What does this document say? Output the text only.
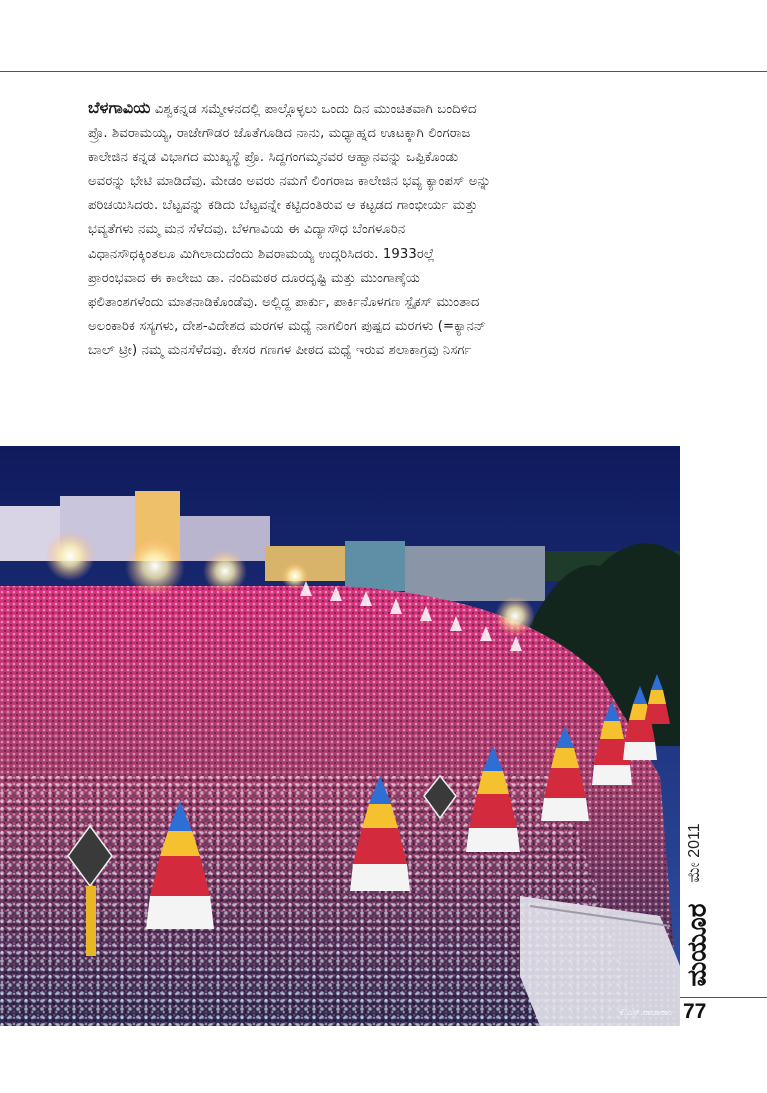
ಬೆಳಗಾವಿಯ ವಿಶ್ವಕನ್ನಡ ಸಮ್ಮೇಳನದಲ್ಲಿ ಪಾಲ್ಗೊಳ್ಳಲು ಒಂದು ದಿನ ಮುಂಚಿತವಾಗಿ ಬಂದಿಳಿದ
ಪ್ರೊ. ಶಿವರಾಮಯ್ಯ, ರಾಜೇಗೌಡರ ಜೊತೆಗೂಡಿದ ನಾನು, ಮಧ್ಯಾಹ್ನದ ಊಟಕ್ಕಾಗಿ ಲಿಂಗರಾಜ
ಕಾಲೇಜಿನ ಕನ್ನಡ ವಿಭಾಗದ ಮುಖ್ಯಸ್ಥೆ ಪ್ರೊ. ಸಿದ್ದಗಂಗಮ್ಮನವರ ಆಹ್ವಾನವನ್ನು ಒಪ್ಪಿಕೊಂಡು
ಅವರನ್ನು ಭೇಟಿ ಮಾಡಿದೆವು. ಮೇಡಂ ಅವರು ನಮಗೆ ಲಿಂಗರಾಜ ಕಾಲೇಜಿನ ಭವ್ಯ ಕ್ಯಾಂಪಸ್ ಅನ್ನು
ಪರಿಚಯಿಸಿದರು. ಬೆಟ್ಟವನ್ನು ಕಡಿದು ಬೆಟ್ಟವನ್ನೇ ಕಟ್ಟಿದಂತಿರುವ ಆ ಕಟ್ಟಡದ ಗಾಂಭೀರ್ಯ ಮತ್ತು
ಭವ್ಯತೆಗಳು ನಮ್ಮ ಮನ ಸೆಳೆದವು. ಬೆಳಗಾವಿಯ ಈ ವಿದ್ಯಾಸೌಧ ಬೆಂಗಳೂರಿನ
ವಿಧಾನಸೌಧಕ್ಕಿಂತಲೂ ಮಿಗಿಲಾದುದೆಂದು ಶಿವರಾಮಯ್ಯ ಉದ್ಗರಿಸಿದರು. 1933ರಲ್ಲೆ
ಪ್ರಾರಂಭವಾದ ಈ ಕಾಲೇಜು ಡಾ. ನಂದಿಮಠರ ದೂರದೃಷ್ಟಿ ಮತ್ತು ಮುಂಗಾಣ್ಕೆಯ
ಫಲಿತಾಂಶಗಳೆಂದು ಮಾತನಾಡಿಕೊಂಡೆವು. ಅಲ್ಲಿದ್ದ ಪಾರ್ಕು, ಪಾರ್ಕಿನೊಳಗಣ ಸ್ಪೈಕಸ್ ಮುಂತಾದ
ಅಲಂಕಾರಿಕ ಸಸ್ಯಗಳು, ದೇಶ-ವಿದೇಶದ ಮರಗಳ ಮಧ್ಯೆ ನಾಗಲಿಂಗ ಪುಷ್ಪದ ಮರಗಳು (=ಕ್ಯಾನನ್
ಬಾಲ್ ಟ್ರೀ) ನಮ್ಮ ಮನಸೆಳೆದವು. ಕೇಸರ ಗಣಗಳ ಪೀಠದ ಮಧ್ಯೆ ಇರುವ ಶಲಾಕಾಗ್ರವು ನಿಸರ್ಗ
ಕೆ.ಎಸ್.ರಾಜಾರಾಂ
ಮೇ 2011
ಮಯೂರ
77
